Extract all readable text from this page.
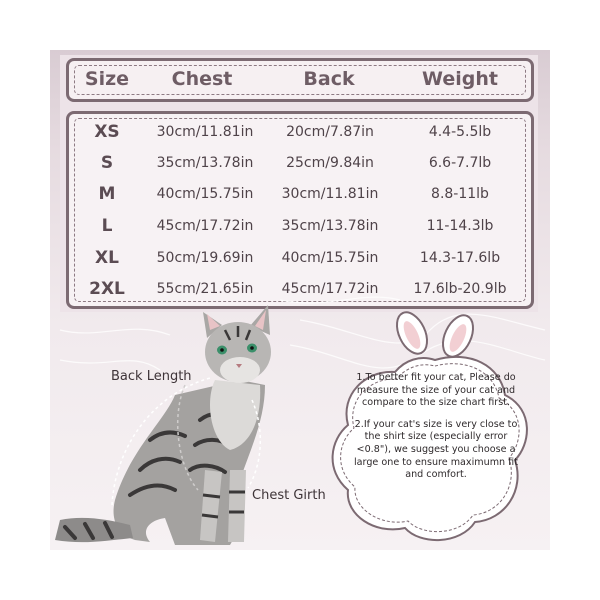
Size Chest	Back	Weight
XS	30cm/11.81in 20cm/7.87in	4.4-5.5lb
S	35cm/13.78in 25cm/9.84in	6.6-7.7lb
M	40cm/15.75in 30cm/11.81in	8.8-11lb
L	45cm/17.72in 35cm/13.78in	11-14.3lb
XL	50cm/19.69in 40cm/15.75in	14.3-17.6lb
2XL 55cm/21.65in 45cm/17.72in	17.6lb-20.9lb
Back Length
Chest Girth

1.To better fit your cat, Please do measure the size of your cat and compare to the size chart first.

2.If your cat's size is very close to the shirt size (especially error <0.8"), we suggest you choose a large one to ensure maximumn fit and comfort.
